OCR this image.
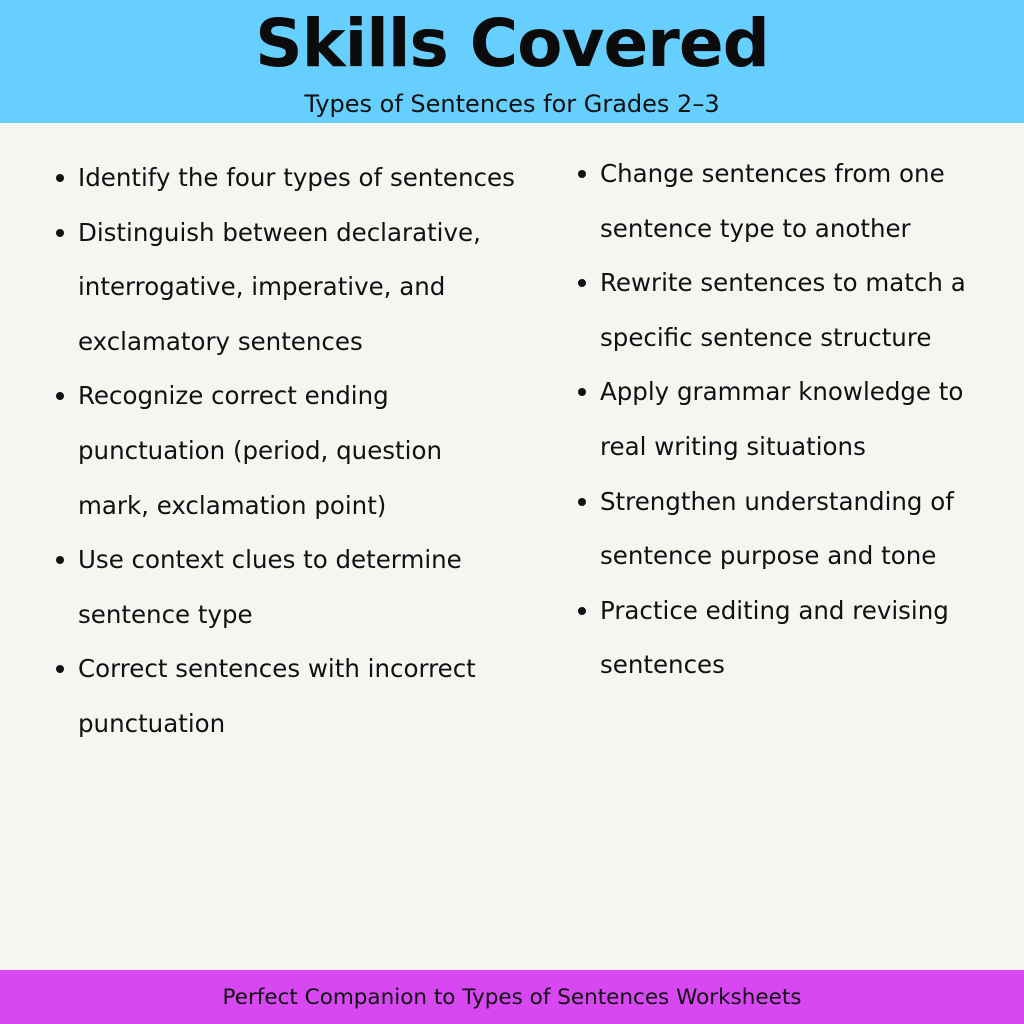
Skills Covered
Types of Sentences for Grades 2–3
Identify the four types of sentences
Distinguish between declarative, interrogative, imperative, and exclamatory sentences
Recognize correct ending punctuation (period, question mark, exclamation point)
Use context clues to determine sentence type
Correct sentences with incorrect punctuation
Change sentences from one sentence type to another
Rewrite sentences to match a specific sentence structure
Apply grammar knowledge to real writing situations
Strengthen understanding of sentence purpose and tone
Practice editing and revising sentences
Perfect Companion to Types of Sentences Worksheets
